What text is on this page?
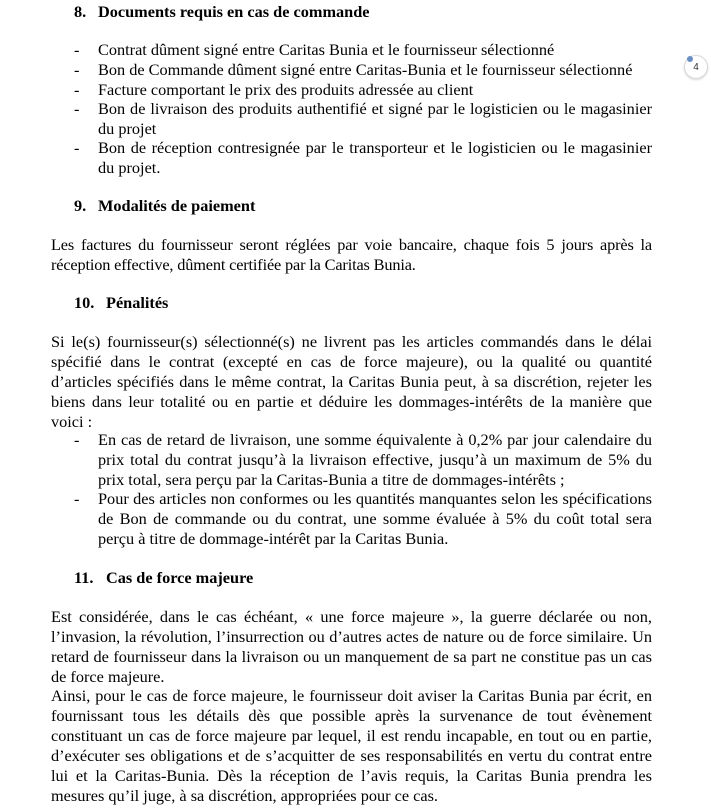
8. Documents requis en cas de commande
- Contrat dûment signé entre Caritas Bunia et le fournisseur sélectionné
- Bon de Commande dûment signé entre Caritas-Bunia et le fournisseur sélectionné
- Facture comportant le prix des produits adressée au client
- Bon de livraison des produits authentifié et signé par le logisticien ou le magasinier du projet
- Bon de réception contresignée par le transporteur et le logisticien ou le magasinier du projet.
9. Modalités de paiement
Les factures du fournisseur seront réglées par voie bancaire, chaque fois 5 jours après la réception effective, dûment certifiée par la Caritas Bunia.
10. Pénalités
Si le(s) fournisseur(s) sélectionné(s) ne livrent pas les articles commandés dans le délai spécifié dans le contrat (excepté en cas de force majeure), ou la qualité ou quantité d’articles spécifiés dans le même contrat, la Caritas Bunia peut, à sa discrétion, rejeter les biens dans leur totalité ou en partie et déduire les dommages-intérêts de la manière que voici :
- En cas de retard de livraison, une somme équivalente à 0,2% par jour calendaire du prix total du contrat jusqu’à la livraison effective, jusqu’à un maximum de 5% du prix total, sera perçu par la Caritas-Bunia a titre de dommages-intérêts ;
- Pour des articles non conformes ou les quantités manquantes selon les spécifications de Bon de commande ou du contrat, une somme évaluée à 5% du coût total sera perçu à titre de dommage-intérêt par la Caritas Bunia.
11. Cas de force majeure
Est considérée, dans le cas échéant, « une force majeure », la guerre déclarée ou non, l’invasion, la révolution, l’insurrection ou d’autres actes de nature ou de force similaire. Un retard de fournisseur dans la livraison ou un manquement de sa part ne constitue pas un cas de force majeure.
Ainsi, pour le cas de force majeure, le fournisseur doit aviser la Caritas Bunia par écrit, en fournissant tous les détails dès que possible après la survenance de tout évènement constituant un cas de force majeure par lequel, il est rendu incapable, en tout ou en partie, d’exécuter ses obligations et de s’acquitter de ses responsabilités en vertu du contrat entre lui et la Caritas-Bunia. Dès la réception de l’avis requis, la Caritas Bunia prendra les mesures qu’il juge, à sa discrétion, appropriées pour ce cas.
4
